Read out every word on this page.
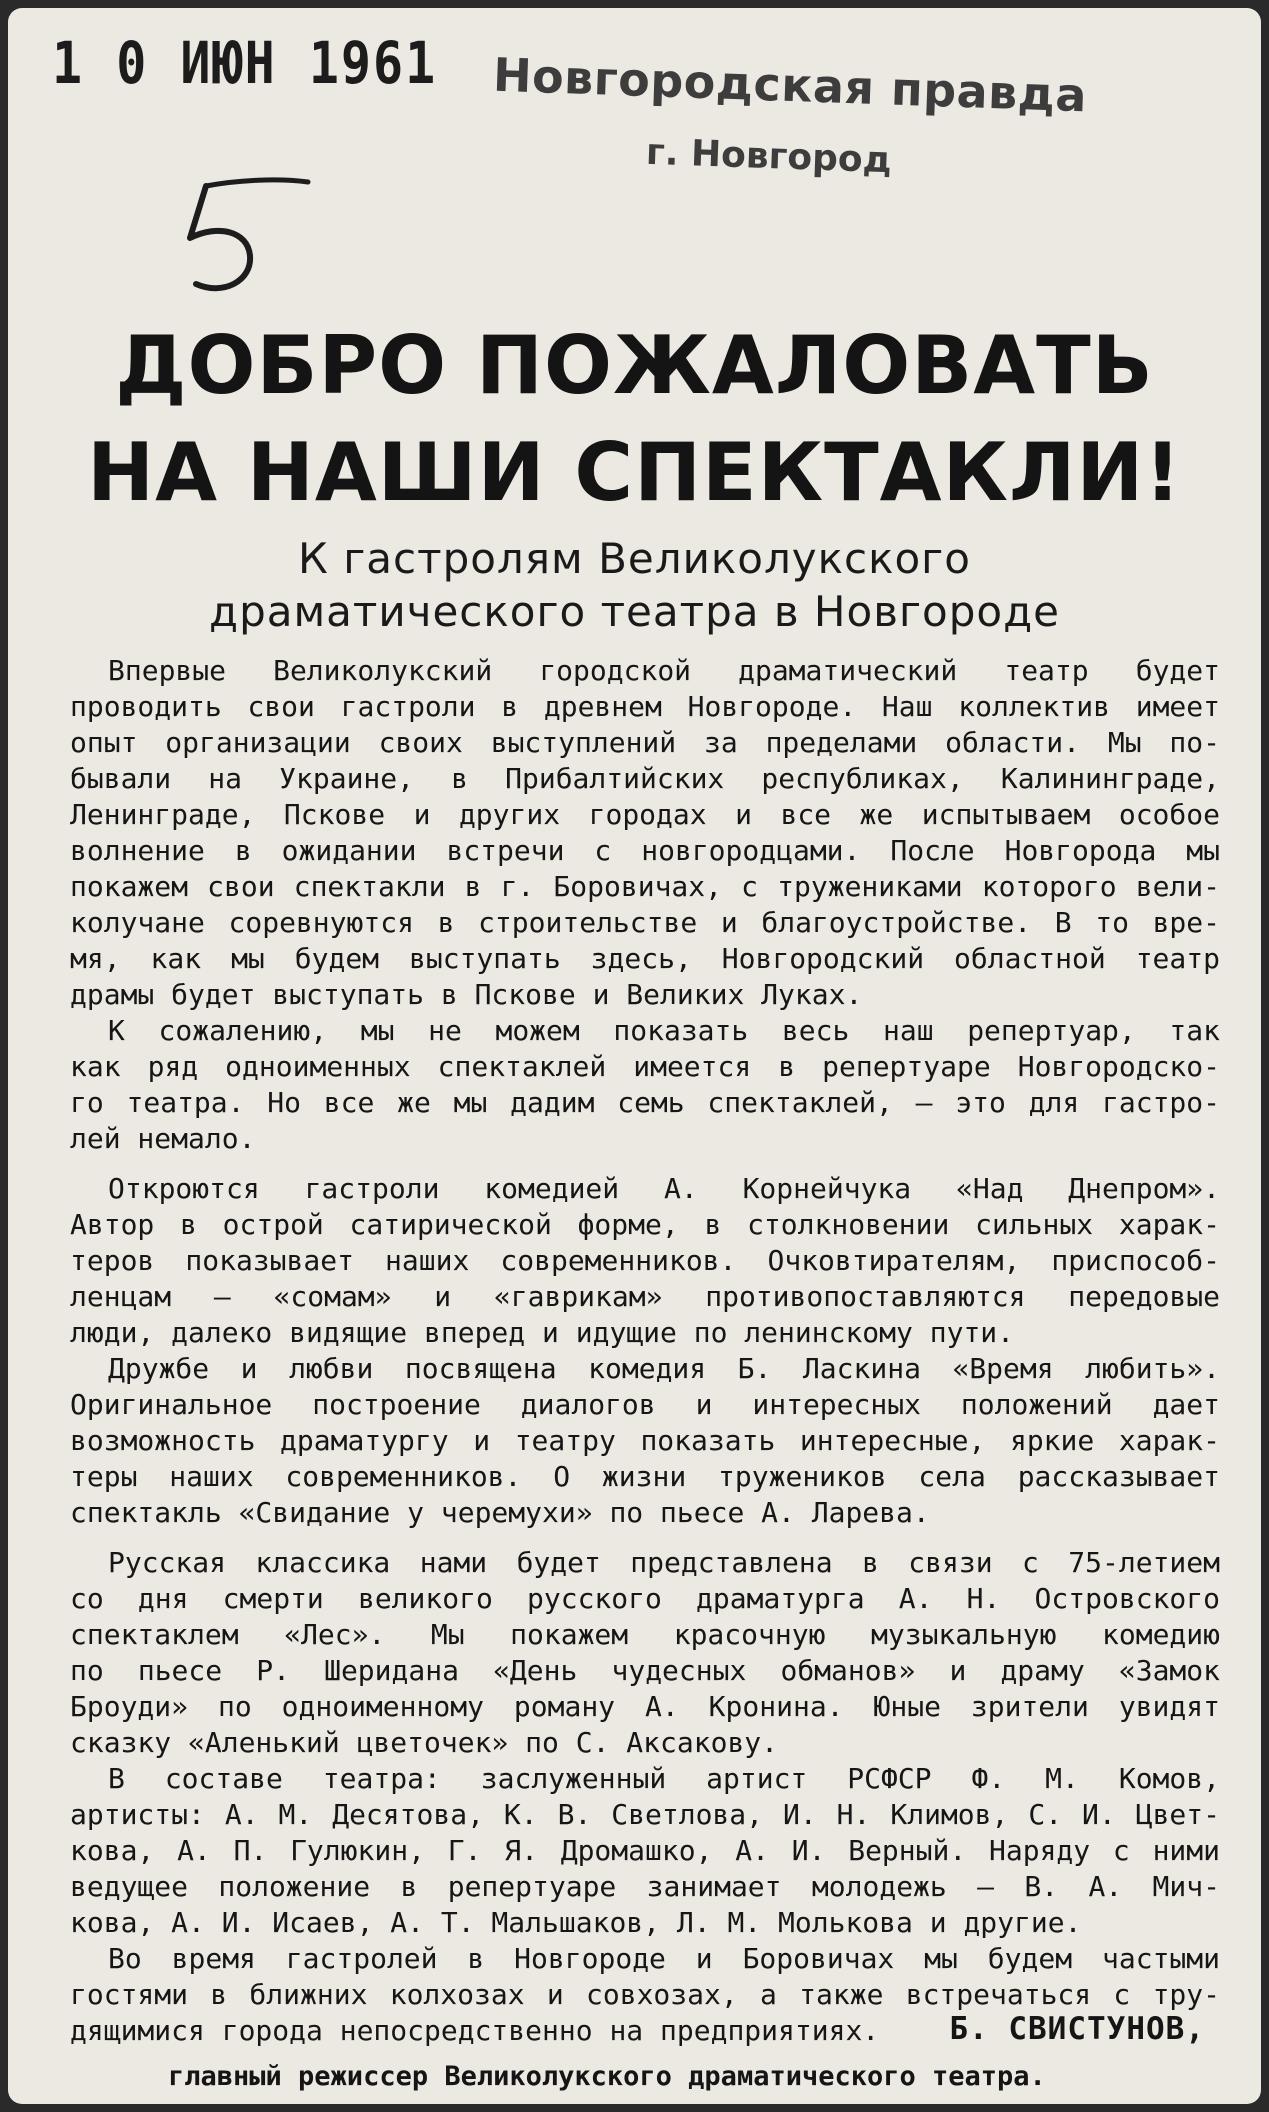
1 0 ИЮН 1961 Новгородская правда
г. Новгород
ДОБРО ПОЖАЛОВАТЬ
НА НАШИ СПЕКТАКЛИ!
К гастролям Великолукского
драматического театра в Новгороде
Впервые Великолукский городской драматический театр будет
проводить свои гастроли в древнем Новгороде. Наш коллектив имеет
опыт организации своих выступлений за пределами области. Мы по-
бывали на Украине, в Прибалтийских республиках, Калининграде,
Ленинграде, Пскове и других городах и все же испытываем особое
волнение в ожидании встречи с новгородцами. После Новгорода мы
покажем свои спектакли в г. Боровичах, с тружениками которого вели-
колучане соревнуются в строительстве и благоустройстве. В то вре-
мя, как мы будем выступать здесь, Новгородский областной театр
драмы будет выступать в Пскове и Великих Луках.
К сожалению, мы не можем показать весь наш репертуар, так
как ряд одноименных спектаклей имеется в репертуаре Новгородско-
го театра. Но все же мы дадим семь спектаклей, — это для гастро-
лей немало.
Откроются гастроли комедией А. Корнейчука «Над Днепром».
Автор в острой сатирической форме, в столкновении сильных харак-
теров показывает наших современников. Очковтирателям, приспособ-
ленцам — «сомам» и «гаврикам» противопоставляются передовые
люди, далеко видящие вперед и идущие по ленинскому пути.
Дружбе и любви посвящена комедия Б. Ласкина «Время любить».
Оригинальное построение диалогов и интересных положений дает
возможность драматургу и театру показать интересные, яркие харак-
теры наших современников. О жизни тружеников села рассказывает
спектакль «Свидание у черемухи» по пьесе А. Ларева.
Русская классика нами будет представлена в связи с 75-летием
со дня смерти великого русского драматурга А. Н. Островского
спектаклем «Лес». Мы покажем красочную музыкальную комедию
по пьесе Р. Шеридана «День чудесных обманов» и драму «Замок
Броуди» по одноименному роману А. Кронина. Юные зрители увидят
сказку «Аленький цветочек» по С. Аксакову.
В составе театра: заслуженный артист РСФСР Ф. М. Комов,
артисты: А. М. Десятова, К. В. Светлова, И. Н. Климов, С. И. Цвет-
кова, А. П. Гулюкин, Г. Я. Дромашко, А. И. Верный. Наряду с ними
ведущее положение в репертуаре занимает молодежь — В. А. Мич-
кова, А. И. Исаев, А. Т. Мальшаков, Л. М. Молькова и другие.
Во время гастролей в Новгороде и Боровичах мы будем частыми
гостями в ближних колхозах и совхозах, а также встречаться с тру-
дящимися города непосредственно на предприятиях.	Б. СВИСТУНОВ,
главный режиссер Великолукского драматического театра.
